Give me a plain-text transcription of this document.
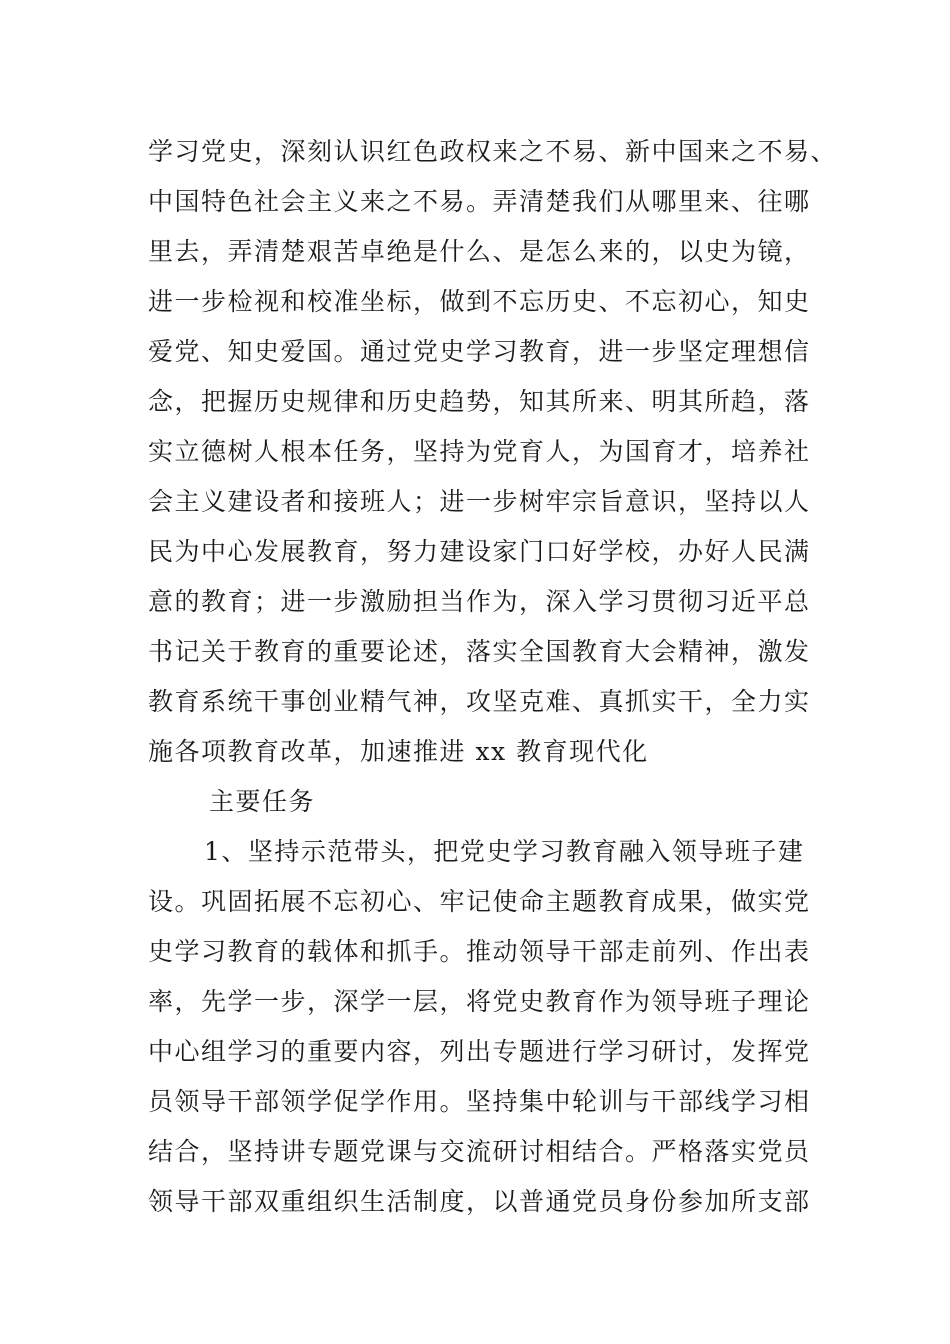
学习党史，深刻认识红色政权来之不易、新中国来之不易、
中国特色社会主义来之不易。弄清楚我们从哪里来、往哪
里去，弄清楚艰苦卓绝是什么、是怎么来的，以史为镜，
进一步检视和校准坐标，做到不忘历史、不忘初心，知史
爱党、知史爱国。通过党史学习教育，进一步坚定理想信
念，把握历史规律和历史趋势，知其所来、明其所趋，落
实立德树人根本任务，坚持为党育人，为国育才，培养社
会主义建设者和接班人；进一步树牢宗旨意识，坚持以人
民为中心发展教育，努力建设家门口好学校，办好人民满
意的教育；进一步激励担当作为，深入学习贯彻习近平总
书记关于教育的重要论述，落实全国教育大会精神，激发
教育系统干事创业精气神，攻坚克难、真抓实干，全力实
施各项教育改革，加速推进 xx 教育现代化
主要任务
1、坚持示范带头，把党史学习教育融入领导班子建
设。巩固拓展不忘初心、牢记使命主题教育成果，做实党
史学习教育的载体和抓手。推动领导干部走前列、作出表
率，先学一步，深学一层，将党史教育作为领导班子理论
中心组学习的重要内容，列出专题进行学习研讨，发挥党
员领导干部领学促学作用。坚持集中轮训与干部线学习相
结合，坚持讲专题党课与交流研讨相结合。严格落实党员
领导干部双重组织生活制度，以普通党员身份参加所支部
